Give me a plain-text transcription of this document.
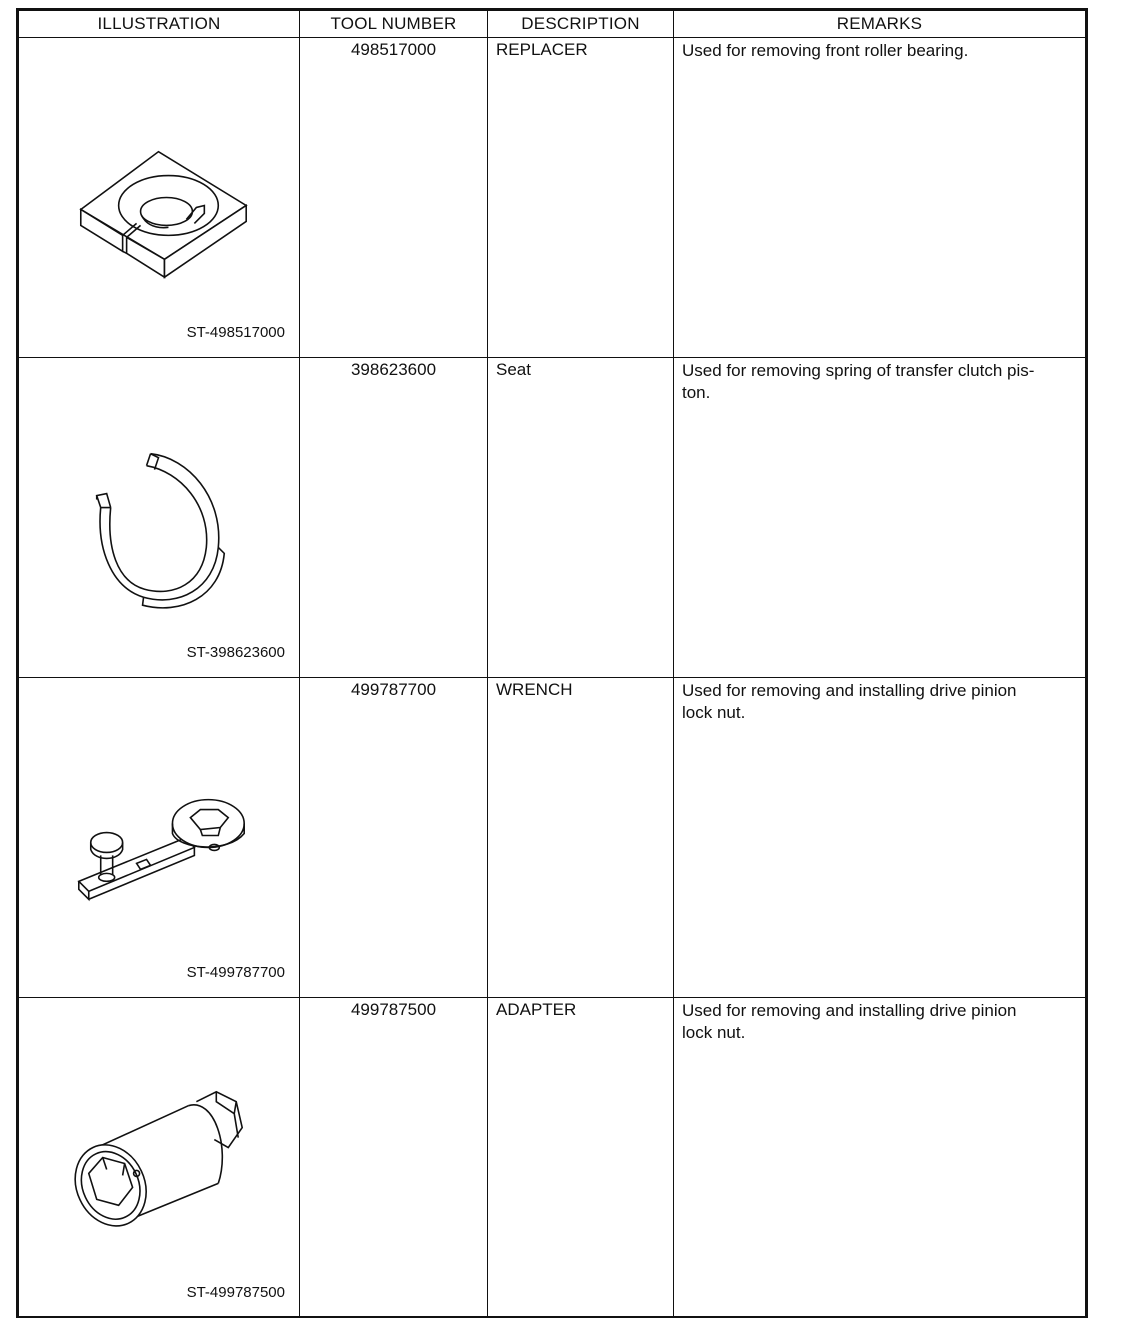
ILLUSTRATION	TOOL NUMBER	DESCRIPTION	REMARKS

ST-498517000	498517000	REPLACER	Used for removing front roller bearing.

ST-398623600	398623600	Seat	Used for removing spring of transfer clutch pis-
ton.

ST-499787700	499787700	WRENCH	Used for removing and installing drive pinion
lock nut.

ST-499787500	499787500	ADAPTER	Used for removing and installing drive pinion
lock nut.
